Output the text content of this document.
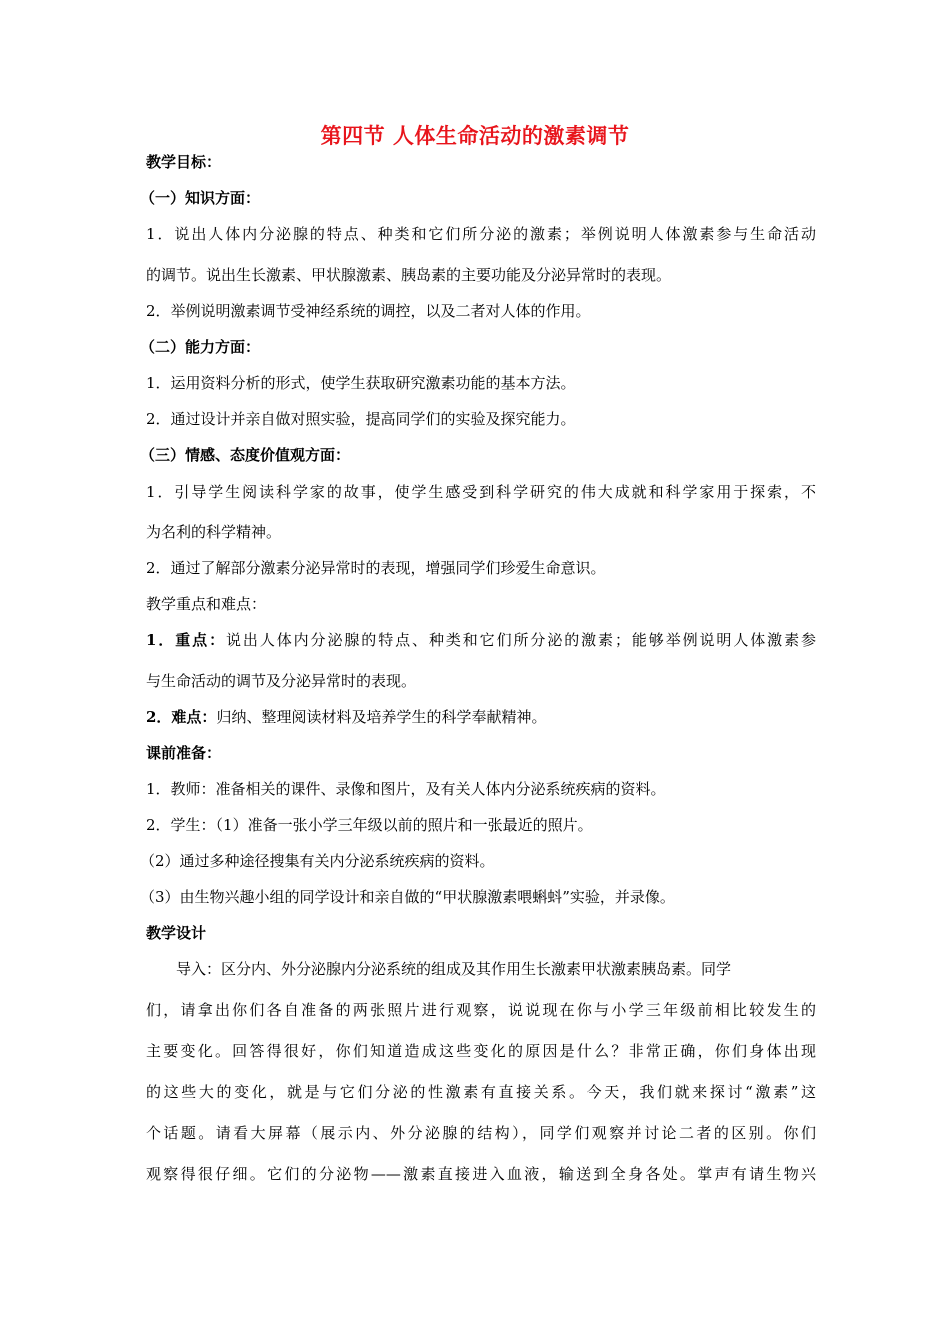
第四节 人体生命活动的激素调节
教学目标：
（一）知识方面：
1．说出人体内分泌腺的特点、种类和它们所分泌的激素；举例说明人体激素参与生命活动
的调节。说出生长激素、甲状腺激素、胰岛素的主要功能及分泌异常时的表现。
2．举例说明激素调节受神经系统的调控，以及二者对人体的作用。
（二）能力方面：
1．运用资料分析的形式，使学生获取研究激素功能的基本方法。
2．通过设计并亲自做对照实验，提高同学们的实验及探究能力。
（三）情感、态度价值观方面：
1．引导学生阅读科学家的故事，使学生感受到科学研究的伟大成就和科学家用于探索，不
为名利的科学精神。
2．通过了解部分激素分泌异常时的表现，增强同学们珍爱生命意识。
教学重点和难点：
1．重点：说出人体内分泌腺的特点、种类和它们所分泌的激素；能够举例说明人体激素参
与生命活动的调节及分泌异常时的表现。
2．难点：归纳、整理阅读材料及培养学生的科学奉献精神。
课前准备：
1．教师：准备相关的课件、录像和图片，及有关人体内分泌系统疾病的资料。
2．学生：（1）准备一张小学三年级以前的照片和一张最近的照片。
（2）通过多种途径搜集有关内分泌系统疾病的资料。
（3）由生物兴趣小组的同学设计和亲自做的“甲状腺激素喂蝌蚪”实验，并录像。
教学设计
导入：区分内、外分泌腺内分泌系统的组成及其作用生长激素甲状激素胰岛素。同学
们，请拿出你们各自准备的两张照片进行观察，说说现在你与小学三年级前相比较发生的
主要变化。回答得很好，你们知道造成这些变化的原因是什么？非常正确，你们身体出现
的这些大的变化，就是与它们分泌的性激素有直接关系。今天，我们就来探讨“激素”这
个话题。请看大屏幕（展示内、外分泌腺的结构），同学们观察并讨论二者的区别。你们
观察得很仔细。它们的分泌物——激素直接进入血液，输送到全身各处。掌声有请生物兴
